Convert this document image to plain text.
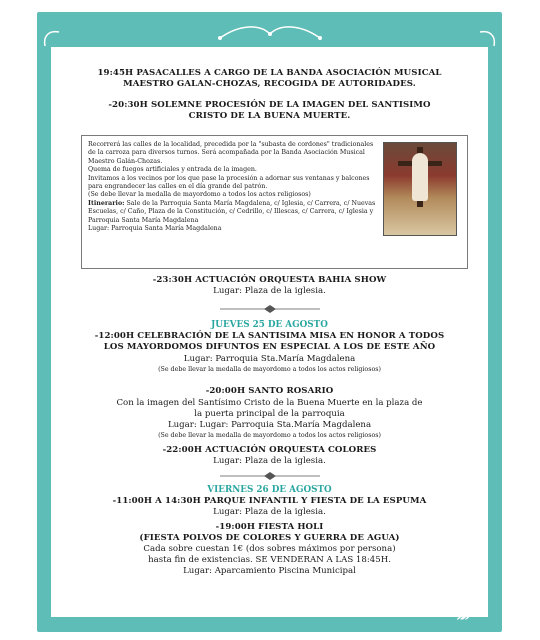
19:45H PASACALLES A CARGO DE LA BANDA ASOCIACIÓN MUSICAL
MAESTRO GALAN-CHOZAS, RECOGIDA DE AUTORIDADES.
-20:30H SOLEMNE PROCESIÓN DE LA IMAGEN DEL SANTISIMO
CRISTO DE LA BUENA MUERTE.

Recorrerá las calles de la localidad, precedida por la "subasta de cordones" tradicionales de la carroza para diversos turnos. Será acompañada por la Banda Asociación Musical Maestro Galán-Chozas.

Quema de fuegos artificiales y entrada de la imagen.

Invitamos a los vecinos por los que pase la procesión a adornar sus ventanas y balcones para engrandecer las calles en el día grande del patrón.

(Se debe llevar la medalla de mayordomo a todos los actos religiosos)

Itinerario: Sale de la Parroquia Santa María Magdalena, c/ Iglesia, c/ Carrera, c/ Nuevas Escuelas, c/ Caño, Plaza de la Constitución, c/ Cedrillo, c/ Illescas, c/ Carrera, c/ Iglesia y Parroquia Santa María Magdalena

Lugar: Parroquia Santa María Magdalena

-23:30H ACTUACIÓN ORQUESTA BAHIA SHOW
Lugar: Plaza de la iglesia.
JUEVES 25 DE AGOSTO
-12:00H CELEBRACIÓN DE LA SANTISIMA MISA EN HONOR A TODOS
LOS MAYORDOMOS DIFUNTOS EN ESPECIAL A LOS DE ESTE AÑO
Lugar: Parroquia Sta.María Magdalena
(Se debe llevar la medalla de mayordomo a todos los actos religiosos)
-20:00H SANTO ROSARIO
Con la imagen del Santísimo Cristo de la Buena Muerte en la plaza de
la puerta principal de la parroquia
Lugar: Lugar: Parroquia Sta.María Magdalena
(Se debe llevar la medalla de mayordomo a todos los actos religiosos)
-22:00H ACTUACIÓN ORQUESTA COLORES
Lugar: Plaza de la iglesia.
VIERNES 26 DE AGOSTO
-11:00H A 14:30H PARQUE INFANTIL Y FIESTA DE LA ESPUMA
Lugar: Plaza de la iglesia.
-19:00H FIESTA HOLI
(FIESTA POLVOS DE COLORES Y GUERRA DE AGUA)
Cada sobre cuestan 1€ (dos sobres máximos por persona)
hasta fin de existencias. SE VENDERAN A LAS 18:45H.
Lugar: Aparcamiento Piscina Municipal
»»
